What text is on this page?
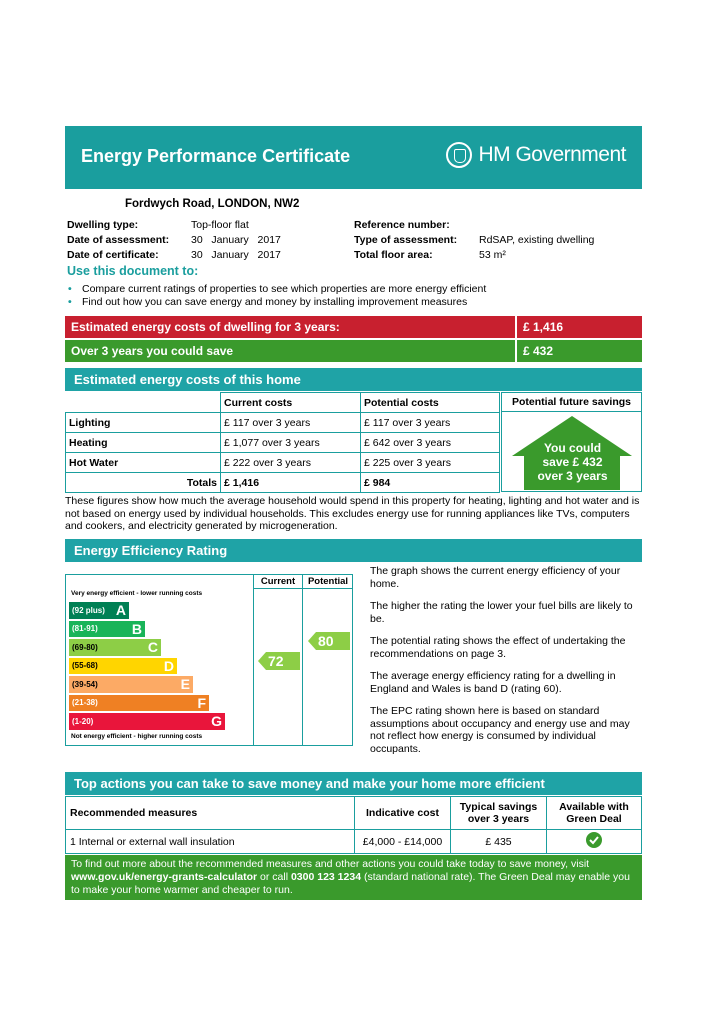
Energy Performance Certificate	HM Government
Fordwych Road, LONDON, NW2
Dwelling type:	Top-floor flat
Date of assessment:	30   January   2017
Date of certificate:	30   January   2017
Reference number:
Type of assessment:	RdSAP, existing dwelling
Total floor area:	53 m²
Use this document to:
• Compare current ratings of properties to see which properties are more energy efficient
• Find out how you can save energy and money by installing improvement measures
Estimated energy costs of dwelling for 3 years:	£ 1,416
Over 3 years you could save	£ 432
Estimated energy costs of this home
	Current costs	Potential costs
Lighting	£ 117 over 3 years	£ 117 over 3 years
Heating	£ 1,077 over 3 years	£ 642 over 3 years
Hot Water	£ 222 over 3 years	£ 225 over 3 years
Totals	£ 1,416	£ 984
Potential future savings
You could
save £ 432
over 3 years
These figures show how much the average household would spend in this property for heating, lighting and hot water and is not based on energy used by individual households. This excludes energy use for running appliances like TVs, computers and cookers, and electricity generated by microgeneration.
Energy Efficiency Rating
Current	Potential
Very energy efficient - lower running costs
(92 plus) A
(81-91) B
(69-80)	C
(55-68)	D
(39-54)	E
(21-38)	F
(1-20)	G
Not energy efficient - higher running costs
72
80

The graph shows the current energy efficiency of your home.

The higher the rating the lower your fuel bills are likely to be.

The potential rating shows the effect of undertaking the recommendations on page 3.

The average energy efficiency rating for a dwelling in England and Wales is band D (rating 60).

The EPC rating shown here is based on standard assumptions about occupancy and energy use and may not reflect how energy is consumed by individual occupants.

Top actions you can take to save money and make your home more efficient
Recommended measures	Indicative cost	Typical savings over 3 years	Available with Green Deal
1 Internal or external wall insulation	£4,000 - £14,000	£ 435	
To find out more about the recommended measures and other actions you could take today to save money, visit www.gov.uk/energy-grants-calculator or call 0300 123 1234 (standard national rate). The Green Deal may enable you to make your home warmer and cheaper to run.
